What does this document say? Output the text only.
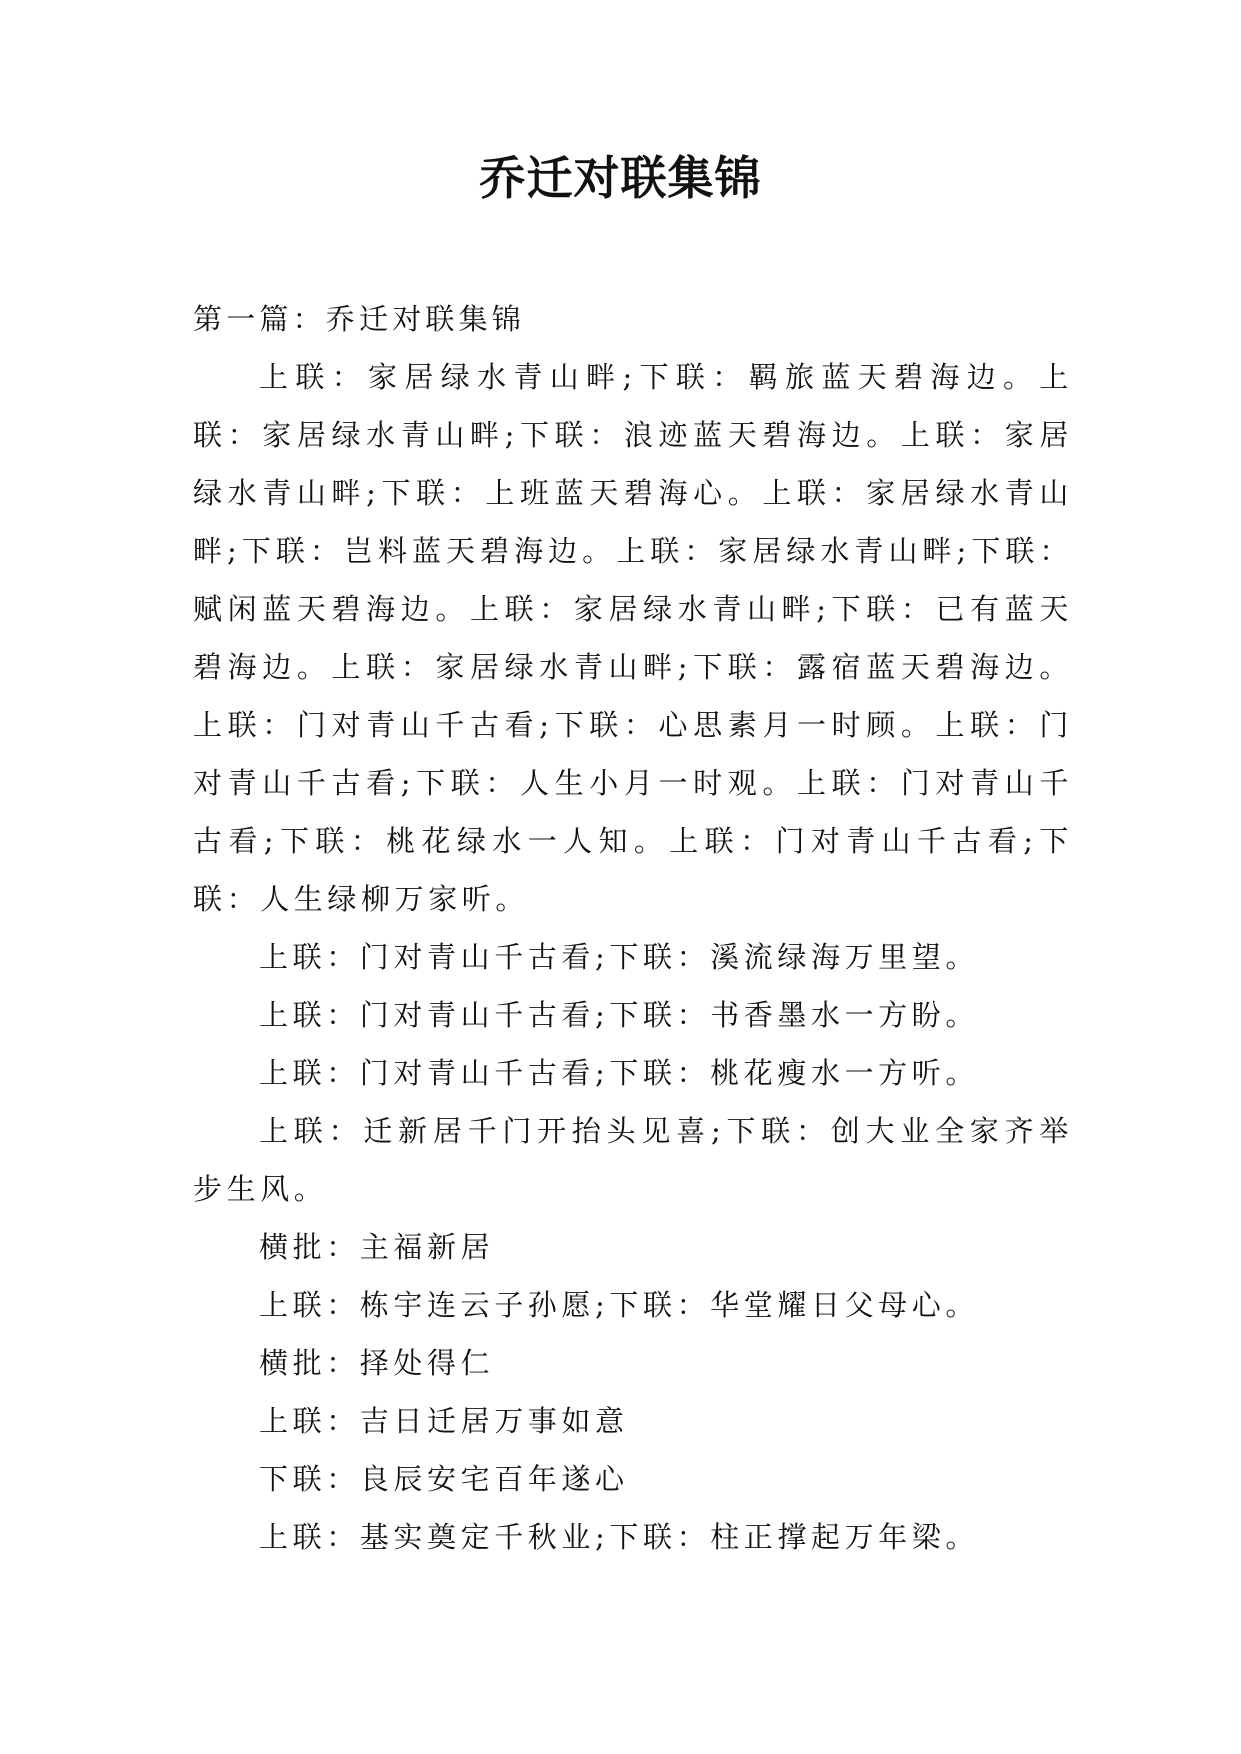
乔迁对联集锦

第一篇：乔迁对联集锦

上联：家居绿水青山畔;下联：羁旅蓝天碧海边。上联：家居绿水青山畔;下联：浪迹蓝天碧海边。上联：家居绿水青山畔;下联：上班蓝天碧海心。上联：家居绿水青山畔;下联：岂料蓝天碧海边。上联：家居绿水青山畔;下联：赋闲蓝天碧海边。上联：家居绿水青山畔;下联：已有蓝天碧海边。上联：家居绿水青山畔;下联：露宿蓝天碧海边。上联：门对青山千古看;下联：心思素月一时顾。上联：门对青山千古看;下联：人生小月一时观。上联：门对青山千古看;下联：桃花绿水一人知。上联：门对青山千古看;下联：人生绿柳万家听。

上联：门对青山千古看;下联：溪流绿海万里望。

上联：门对青山千古看;下联：书香墨水一方盼。

上联：门对青山千古看;下联：桃花瘦水一方听。

上联：迁新居千门开抬头见喜;下联：创大业全家齐举步生风。

横批：主福新居

上联：栋宇连云子孙愿;下联：华堂耀日父母心。

横批：择处得仁

上联：吉日迁居万事如意

下联：良辰安宅百年遂心

上联：基实奠定千秋业;下联：柱正撑起万年梁。
